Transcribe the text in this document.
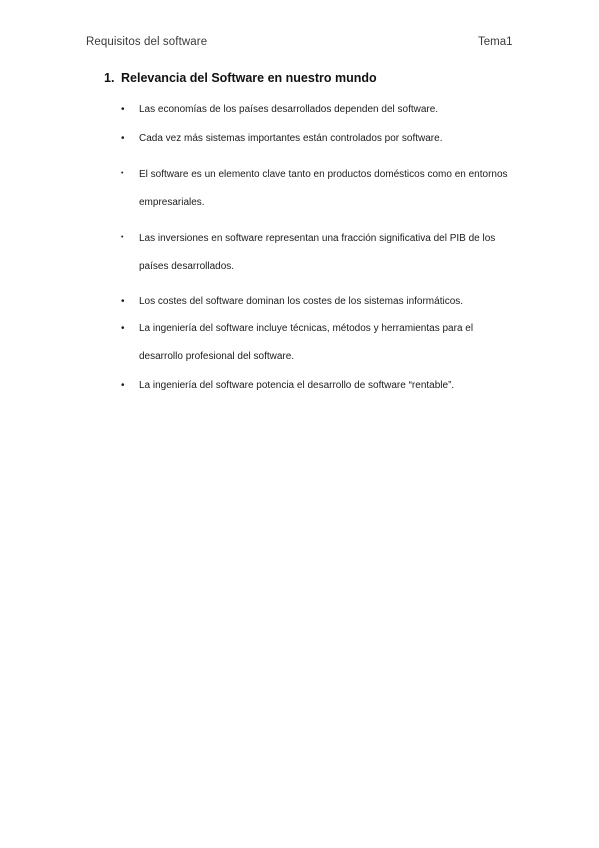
Requisitos del software	Tema1
1. Relevancia del Software en nuestro mundo
•	Las economías de los países desarrollados dependen del software.
•	Cada vez más sistemas importantes están controlados por software.
•	El software es un elemento clave tanto en productos domésticos como en entornos
empresariales.
•	Las inversiones en software representan una fracción significativa del PIB de los
países desarrollados.
•	Los costes del software dominan los costes de los sistemas informáticos.
•	La ingeniería del software incluye técnicas, métodos y herramientas para el
desarrollo profesional del software.
•	La ingeniería del software potencia el desarrollo de software “rentable”.
